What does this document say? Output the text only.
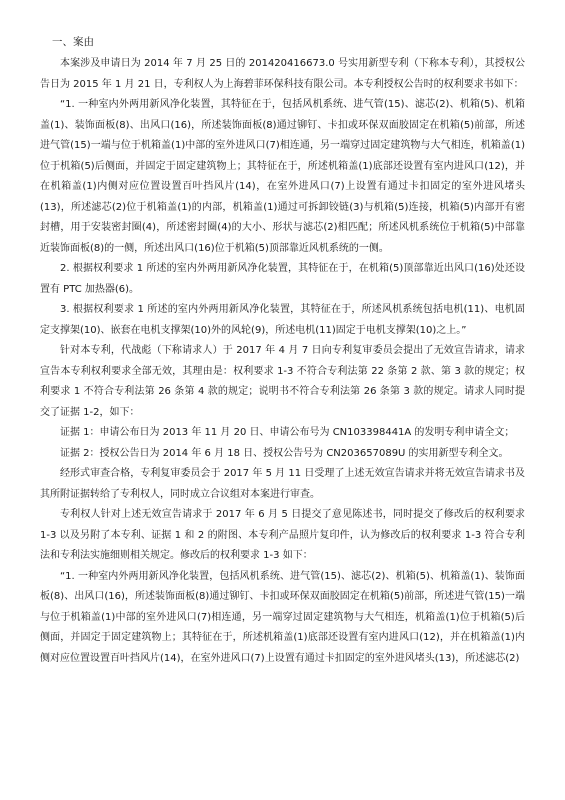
一、案由

本案涉及申请日为 2014 年 7 月 25 日的 201420416673.0 号实用新型专利（下称本专利），其授权公告日为 2015 年 1 月 21 日，专利权人为上海碧菲环保科技有限公司。本专利授权公告时的权利要求书如下：

“1. 一种室内外两用新风净化装置，其特征在于，包括风机系统、进气管(15)、滤芯(2)、机箱(5)、机箱盖(1)、装饰面板(8)、出风口(16)，所述装饰面板(8)通过铆钉、卡扣或环保双面胶固定在机箱(5)前部，所述进气管(15)一端与位于机箱盖(1)中部的室外进风口(7)相连通，另一端穿过固定建筑物与大气相连，机箱盖(1)位于机箱(5)后侧面，并固定于固定建筑物上；其特征在于，所述机箱盖(1)底部还设置有室内进风口(12)，并在机箱盖(1)内侧对应位置设置百叶挡风片(14)，在室外进风口(7)上设置有通过卡扣固定的室外进风堵头(13)，所述滤芯(2)位于机箱盖(1)的内部，机箱盖(1)通过可拆卸铰链(3)与机箱(5)连接，机箱(5)内部开有密封槽，用于安装密封圈(4)，所述密封圈(4)的大小、形状与滤芯(2)相匹配；所述风机系统位于机箱(5)中部靠近装饰面板(8)的一侧，所述出风口(16)位于机箱(5)顶部靠近风机系统的一侧。

2. 根据权利要求 1 所述的室内外两用新风净化装置，其特征在于，在机箱(5)顶部靠近出风口(16)处还设置有 PTC 加热器(6)。

3. 根据权利要求 1 所述的室内外两用新风净化装置，其特征在于，所述风机系统包括电机(11)、电机固定支撑架(10)、嵌套在电机支撑架(10)外的风轮(9)，所述电机(11)固定于电机支撑架(10)之上。”

针对本专利，代战彪（下称请求人）于 2017 年 4 月 7 日向专利复审委员会提出了无效宣告请求，请求宣告本专利权利要求全部无效，其理由是：权利要求 1-3 不符合专利法第 22 条第 2 款、第 3 款的规定；权利要求 1 不符合专利法第 26 条第 4 款的规定；说明书不符合专利法第 26 条第 3 款的规定。请求人同时提交了证据 1-2，如下：

证据 1：申请公布日为 2013 年 11 月 20 日、申请公布号为 CN103398441A 的发明专利申请全文；

证据 2：授权公告日为 2014 年 6 月 18 日、授权公告号为 CN203657089U 的实用新型专利全文。

经形式审查合格，专利复审委员会于 2017 年 5 月 11 日受理了上述无效宣告请求并将无效宣告请求书及其所附证据转给了专利权人，同时成立合议组对本案进行审查。

专利权人针对上述无效宣告请求于 2017 年 6 月 5 日提交了意见陈述书，同时提交了修改后的权利要求 1-3 以及另附了本专利、证据 1 和 2 的附图、本专利产品照片复印件，认为修改后的权利要求 1-3 符合专利法和专利法实施细则相关规定。修改后的权利要求 1-3 如下：

“1. 一种室内外两用新风净化装置，包括风机系统、进气管(15)、滤芯(2)、机箱(5)、机箱盖(1)、装饰面板(8)、出风口(16)，所述装饰面板(8)通过铆钉、卡扣或环保双面胶固定在机箱(5)前部，所述进气管(15)一端与位于机箱盖(1)中部的室外进风口(7)相连通，另一端穿过固定建筑物与大气相连，机箱盖(1)位于机箱(5)后侧面，并固定于固定建筑物上；其特征在于，所述机箱盖(1)底部还设置有室内进风口(12)，并在机箱盖(1)内侧对应位置设置百叶挡风片(14)，在室外进风口(7)上设置有通过卡扣固定的室外进风堵头(13)，所述滤芯(2)
